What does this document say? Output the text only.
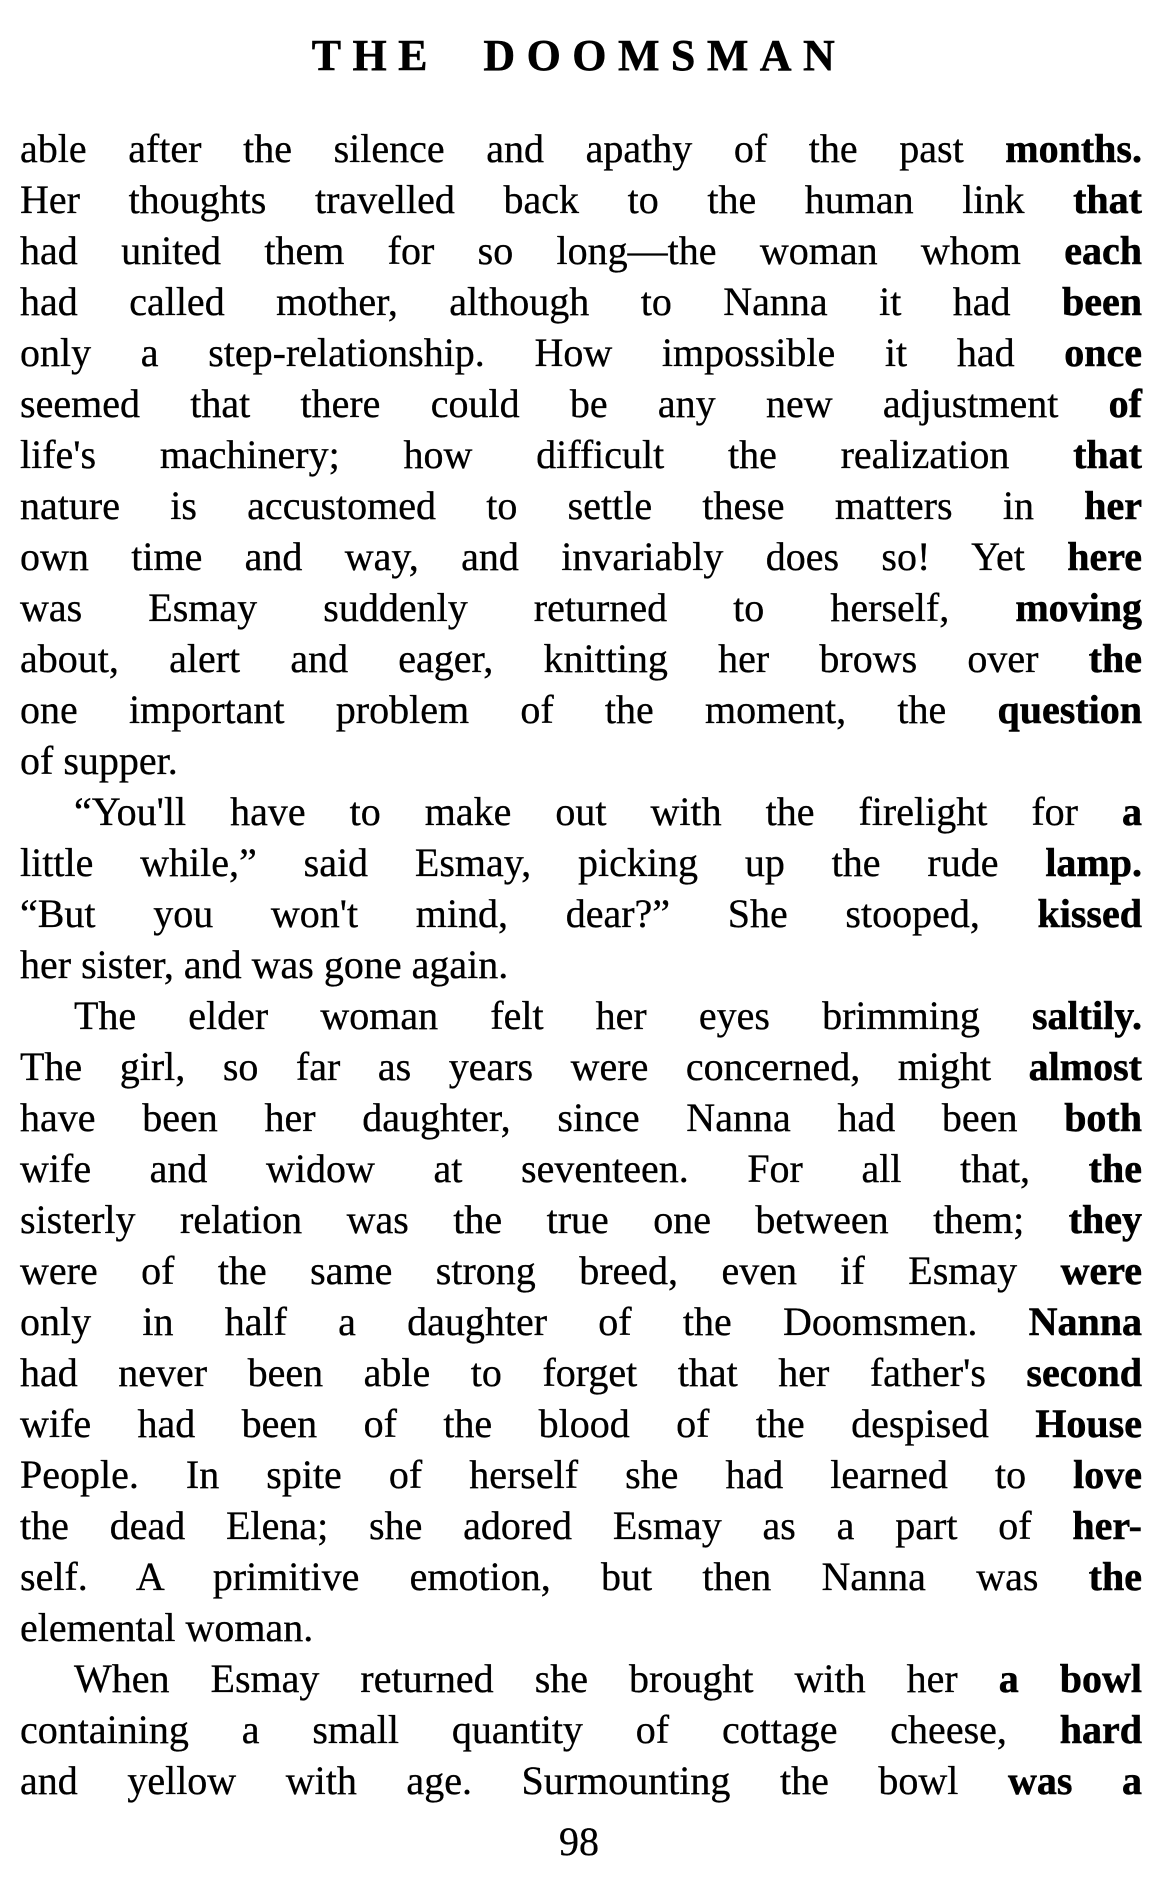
THE DOOMSMAN
able after the silence and apathy of the past months.
Her thoughts travelled back to the human link that
had united them for so long—the woman whom each
had called mother, although to Nanna it had been
only a step-relationship. How impossible it had once
seemed that there could be any new adjustment of
life's machinery; how difficult the realization that
nature is accustomed to settle these matters in her
own time and way, and invariably does so! Yet here
was Esmay suddenly returned to herself, moving
about, alert and eager, knitting her brows over the
one important problem of the moment, the question
of supper.
“You'll have to make out with the firelight for a
little while,” said Esmay, picking up the rude lamp.
“But you won't mind, dear?” She stooped, kissed
her sister, and was gone again.
The elder woman felt her eyes brimming saltily.
The girl, so far as years were concerned, might almost
have been her daughter, since Nanna had been both
wife and widow at seventeen. For all that, the
sisterly relation was the true one between them; they
were of the same strong breed, even if Esmay were
only in half a daughter of the Doomsmen. Nanna
had never been able to forget that her father's second
wife had been of the blood of the despised House
People. In spite of herself she had learned to love
the dead Elena; she adored Esmay as a part of her-
self. A primitive emotion, but then Nanna was the
elemental woman.
When Esmay returned she brought with her a bowl
containing a small quantity of cottage cheese, hard
and yellow with age. Surmounting the bowl was a
98
